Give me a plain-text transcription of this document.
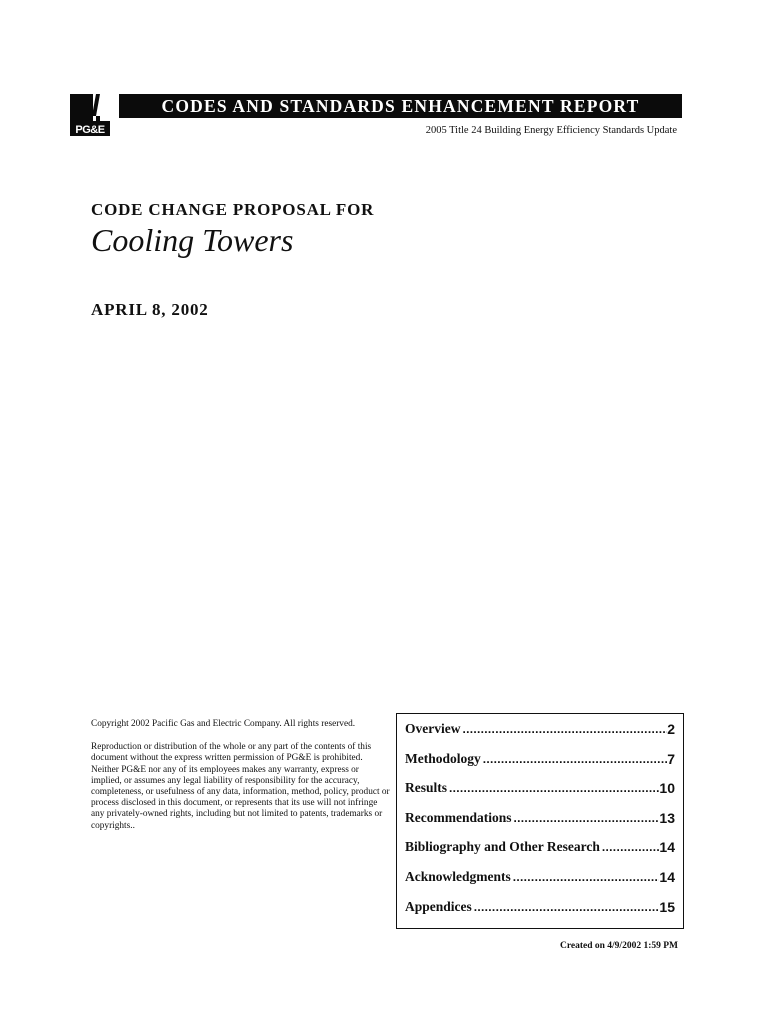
PG&E
CODES AND STANDARDS ENHANCEMENT REPORT
2005 Title 24 Building Energy Efficiency Standards Update
CODE CHANGE PROPOSAL FOR
Cooling Towers
APRIL 8, 2002

Copyright 2002 Pacific Gas and Electric Company. All rights reserved.

Reproduction or distribution of the whole or any part of the contents of this document without the express written permission of PG&E is prohibited. Neither PG&E nor any of its employees makes any warranty, express or implied, or assumes any legal liability of responsibility for the accuracy, completeness, or usefulness of any data, information, method, policy, product or process disclosed in this document, or represents that its use will not infringe any privately-owned rights, including but not limited to patents, trademarks or copyrights..

Overview .....	2
Methodology .....	7
Results .....	10
Recommendations .....	13
Bibliography and Other Research .....	14
Acknowledgments .....	14
Appendices .....	15
Created on 4/9/2002 1:59 PM
